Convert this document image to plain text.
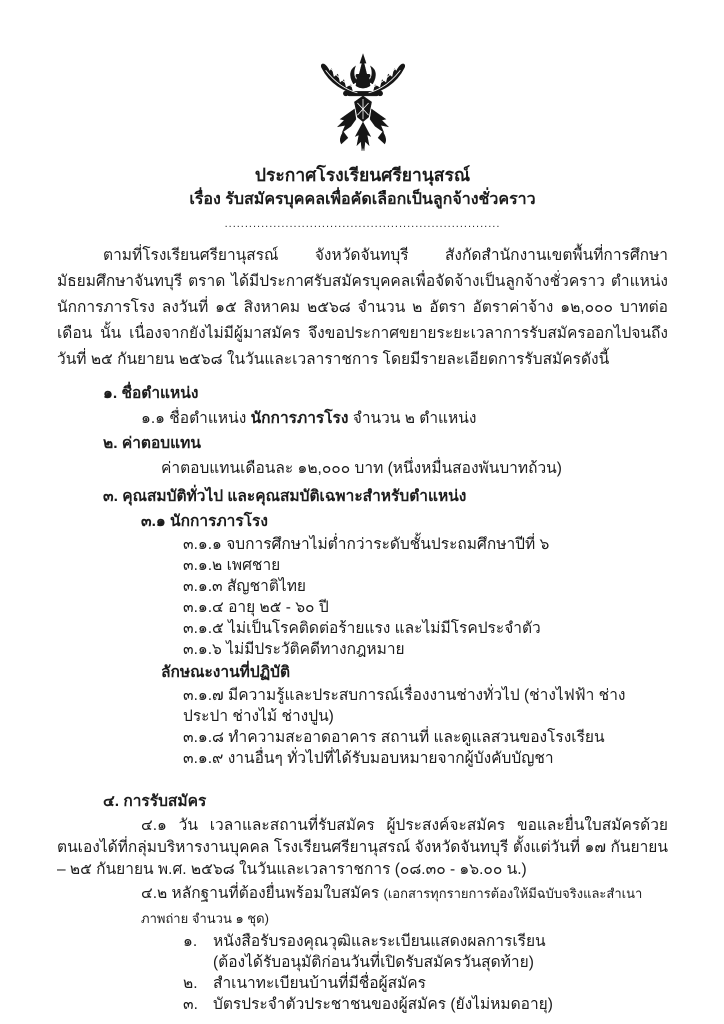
ประกาศโรงเรียนศรียานุสรณ์
เรื่อง รับสมัครบุคคลเพื่อคัดเลือกเป็นลูกจ้างชั่วคราว
....................................................................

ตามที่โรงเรียนศรียานุสรณ์ จังหวัดจันทบุรี สังกัดสำนักงานเขตพื้นที่การศึกษามัธยมศึกษาจันทบุรี ตราด ได้มีประกาศรับสมัครบุคคลเพื่อจัดจ้างเป็นลูกจ้างชั่วคราว ตำแหน่ง นักการภารโรง ลงวันที่ ๑๕ สิงหาคม ๒๕๖๘ จำนวน ๒ อัตรา อัตราค่าจ้าง ๑๒,๐๐๐ บาทต่อเดือน นั้น เนื่องจากยังไม่มีผู้มาสมัคร จึงขอประกาศขยายระยะเวลาการรับสมัครออกไปจนถึงวันที่ ๒๕ กันยายน ๒๕๖๘ ในวันและเวลาราชการ โดยมีรายละเอียดการรับสมัครดังนี้

๑. ชื่อตำแหน่ง
๑.๑ ชื่อตำแหน่ง นักการภารโรง จำนวน ๒ ตำแหน่ง
๒. ค่าตอบแทน
ค่าตอบแทนเดือนละ ๑๒,๐๐๐ บาท (หนึ่งหมื่นสองพันบาทถ้วน)
๓. คุณสมบัติทั่วไป และคุณสมบัติเฉพาะสำหรับตำแหน่ง
๓.๑ นักการภารโรง
๓.๑.๑ จบการศึกษาไม่ต่ำกว่าระดับชั้นประถมศึกษาปีที่ ๖
๓.๑.๒ เพศชาย
๓.๑.๓ สัญชาติไทย
๓.๑.๔ อายุ ๒๕ - ๖๐ ปี
๓.๑.๕ ไม่เป็นโรคติดต่อร้ายแรง และไม่มีโรคประจำตัว
๓.๑.๖ ไม่มีประวัติคดีทางกฎหมาย
ลักษณะงานที่ปฏิบัติ
๓.๑.๗ มีความรู้และประสบการณ์เรื่องงานช่างทั่วไป (ช่างไฟฟ้า ช่างประปา ช่างไม้ ช่างปูน)
๓.๑.๘ ทำความสะอาดอาคาร สถานที่ และดูแลสวนของโรงเรียน
๓.๑.๙ งานอื่นๆ ทั่วไปที่ได้รับมอบหมายจากผู้บังคับบัญชา
๔. การรับสมัคร

๔.๑ วัน เวลาและสถานที่รับสมัคร ผู้ประสงค์จะสมัคร ขอและยื่นใบสมัครด้วยตนเองได้ที่กลุ่มบริหารงานบุคคล โรงเรียนศรียานุสรณ์ จังหวัดจันทบุรี ตั้งแต่วันที่ ๑๗ กันยายน – ๒๕ กันยายน พ.ศ. ๒๕๖๘ ในวันและเวลาราชการ (๐๘.๓๐ - ๑๖.๐๐ น.)

๔.๒ หลักฐานที่ต้องยื่นพร้อมใบสมัคร (เอกสารทุกรายการต้องให้มีฉบับจริงและสำเนาภาพถ่าย จำนวน ๑ ชุด)
๑.	หนังสือรับรองคุณวุฒิและระเบียนแสดงผลการเรียน
(ต้องได้รับอนุมัติก่อนวันที่เปิดรับสมัครวันสุดท้าย)
๒. สำเนาทะเบียนบ้านที่มีชื่อผู้สมัคร
๓. บัตรประจำตัวประชาชนของผู้สมัคร (ยังไม่หมดอายุ)
